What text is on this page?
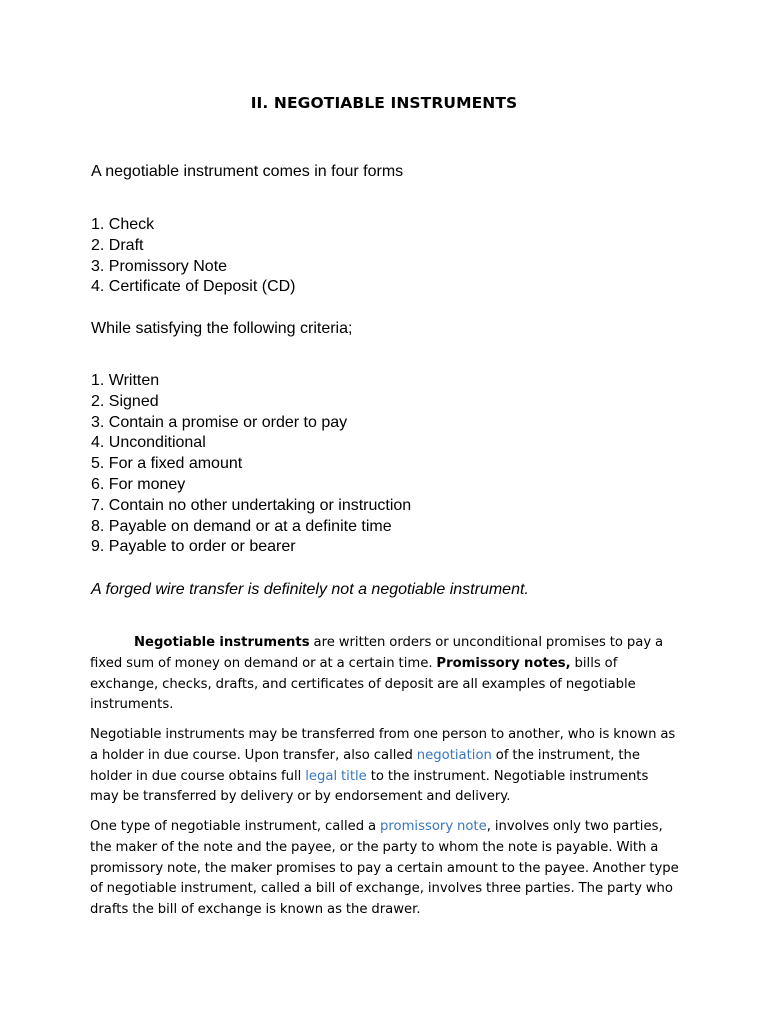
II. NEGOTIABLE INSTRUMENTS
A negotiable instrument comes in four forms
1. Check
2. Draft
3. Promissory Note
4. Certificate of Deposit (CD)
While satisfying the following criteria;
1. Written
2. Signed
3. Contain a promise or order to pay
4. Unconditional
5. For a fixed amount
6. For money
7. Contain no other undertaking or instruction
8. Payable on demand or at a definite time
9. Payable to order or bearer
A forged wire transfer is definitely not a negotiable instrument.

Negotiable instruments are written orders or unconditional promises to pay a fixed sum of money on demand or at a certain time. Promissory notes, bills of exchange, checks, drafts, and certificates of deposit are all examples of negotiable instruments.

Negotiable instruments may be transferred from one person to another, who is known as a holder in due course. Upon transfer, also called negotiation of the instrument, the holder in due course obtains full legal title to the instrument. Negotiable instruments may be transferred by delivery or by endorsement and delivery.

One type of negotiable instrument, called a promissory note, involves only two parties, the maker of the note and the payee, or the party to whom the note is payable. With a promissory note, the maker promises to pay a certain amount to the payee. Another type of negotiable instrument, called a bill of exchange, involves three parties. The party who drafts the bill of exchange is known as the drawer.
